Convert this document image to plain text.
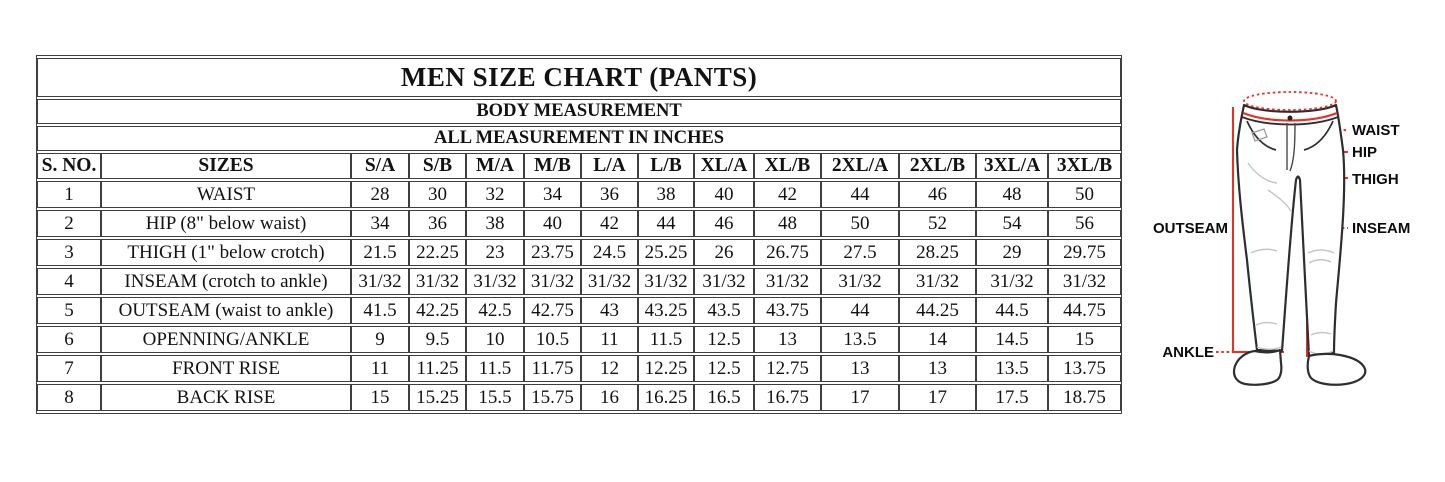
MEN SIZE CHART (PANTS)													
BODY MEASUREMENT													
ALL MEASUREMENT IN INCHES													
S. NO.	SIZES	S/A	S/B	M/A	M/B	L/A	L/B	XL/A	XL/B	2XL/A	2XL/B	3XL/A	3XL/B
1	WAIST	28	30	32	34	36	38	40	42	44	46	48	50
2	HIP (8" below waist)	34	36	38	40	42	44	46	48	50	52	54	56
3	THIGH (1" below crotch)	21.5	22.25	23	23.75	24.5	25.25	26	26.75	27.5	28.25	29	29.75
4	INSEAM (crotch to ankle)	31/32	31/32	31/32	31/32	31/32	31/32	31/32	31/32	31/32	31/32	31/32	31/32
5	OUTSEAM (waist to ankle)	41.5	42.25	42.5	42.75	43	43.25	43.5	43.75	44	44.25	44.5	44.75
6	OPENNING/ANKLE	9	9.5	10	10.5	11	11.5	12.5	13	13.5	14	14.5	15
7	FRONT RISE	11	11.25	11.5	11.75	12	12.25	12.5	12.75	13	13	13.5	13.75
8	BACK RISE	15	15.25	15.5	15.75	16	16.25	16.5	16.75	17	17	17.5	18.75
WAIST
HIP
THIGH
INSEAM
OUTSEAM
ANKLE
